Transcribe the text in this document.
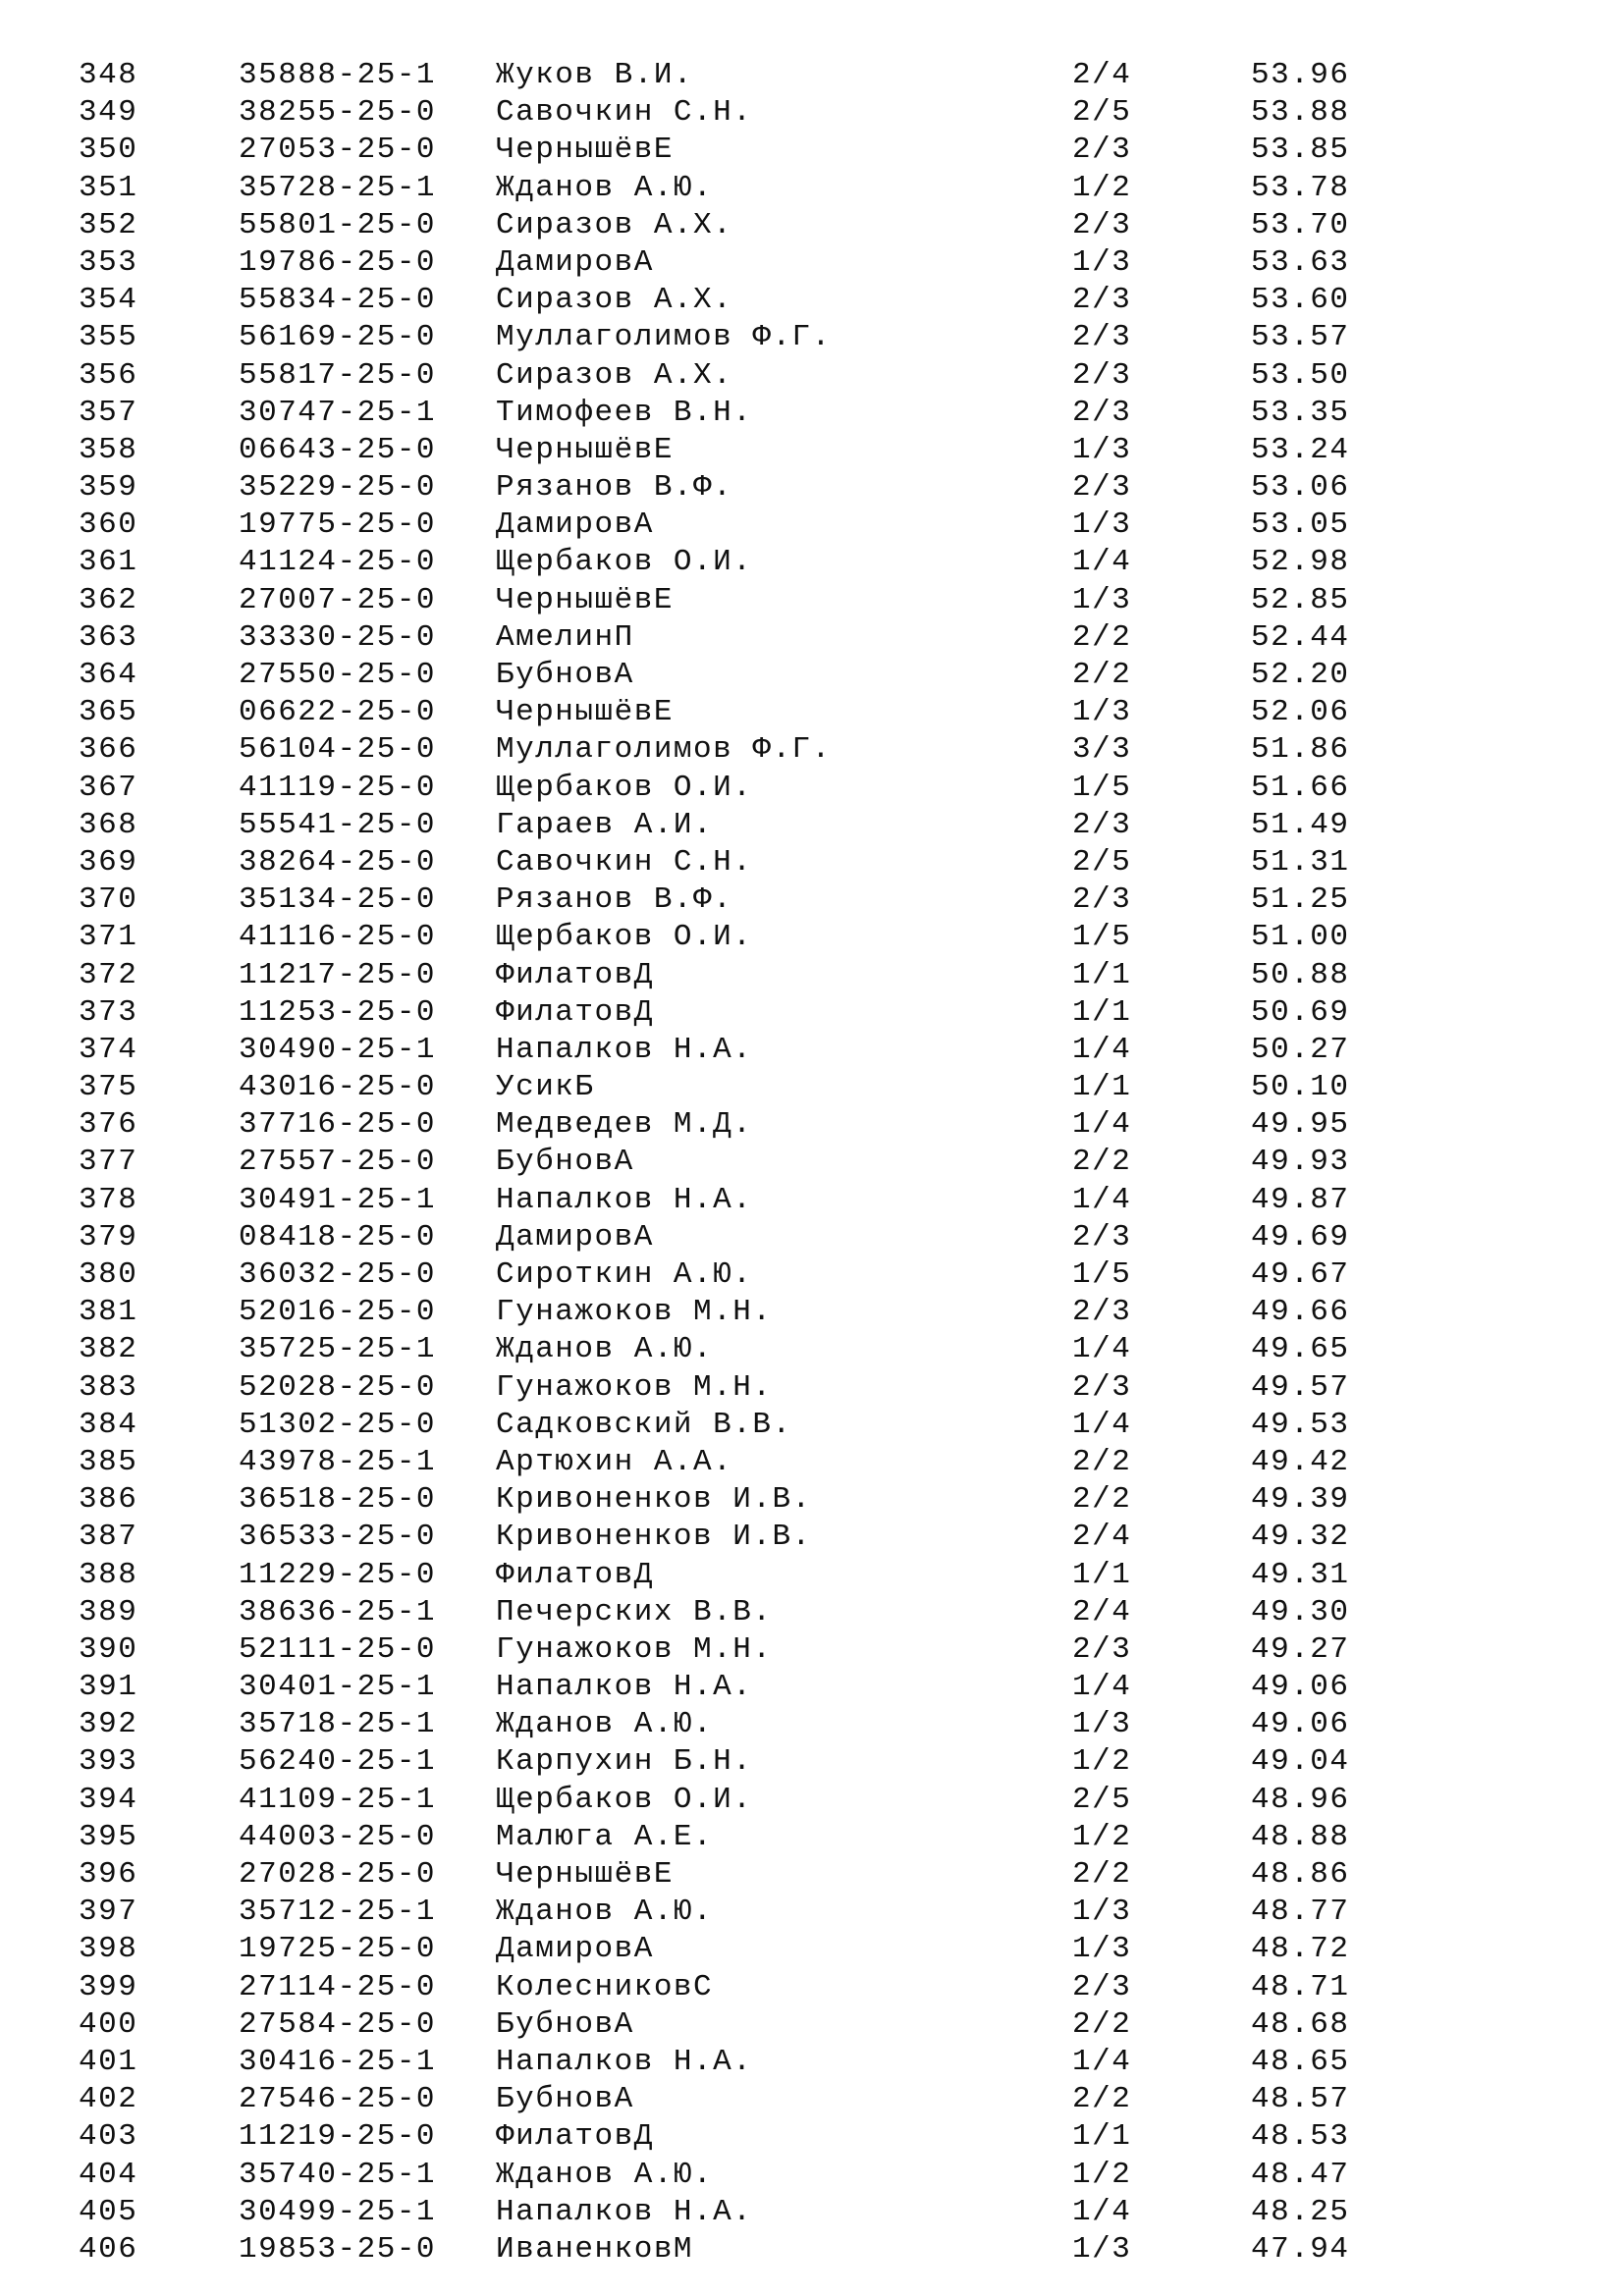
348	35888-25-1 Жуков В.И.	2/4	53.96
349	38255-25-0 Савочкин С.Н.	2/5	53.88
350	27053-25-0 ЧернышёвЕ	2/3	53.85
351	35728-25-1 Жданов А.Ю.	1/2	53.78
352	55801-25-0 Сиразов А.Х.	2/3	53.70
353	19786-25-0 ДамировА	1/3	53.63
354	55834-25-0 Сиразов А.Х.	2/3	53.60
355	56169-25-0 Муллаголимов Ф.Г.	2/3	53.57
356	55817-25-0 Сиразов А.Х.	2/3	53.50
357	30747-25-1 Тимофеев В.Н.	2/3	53.35
358	06643-25-0 ЧернышёвЕ	1/3	53.24
359	35229-25-0 Рязанов В.Ф.	2/3	53.06
360	19775-25-0 ДамировА	1/3	53.05
361	41124-25-0 Щербаков О.И.	1/4	52.98
362	27007-25-0 ЧернышёвЕ	1/3	52.85
363	33330-25-0 АмелинП	2/2	52.44
364	27550-25-0 БубновА	2/2	52.20
365	06622-25-0 ЧернышёвЕ	1/3	52.06
366	56104-25-0 Муллаголимов Ф.Г.	3/3	51.86
367	41119-25-0 Щербаков О.И.	1/5	51.66
368	55541-25-0 Гараев А.И.	2/3	51.49
369	38264-25-0 Савочкин С.Н.	2/5	51.31
370	35134-25-0 Рязанов В.Ф.	2/3	51.25
371	41116-25-0 Щербаков О.И.	1/5	51.00
372	11217-25-0 ФилатовД	1/1	50.88
373	11253-25-0 ФилатовД	1/1	50.69
374	30490-25-1 Напалков Н.А.	1/4	50.27
375	43016-25-0 УсикБ	1/1	50.10
376	37716-25-0 Медведев М.Д.	1/4	49.95
377	27557-25-0 БубновА	2/2	49.93
378	30491-25-1 Напалков Н.А.	1/4	49.87
379	08418-25-0 ДамировА	2/3	49.69
380	36032-25-0 Сироткин А.Ю.	1/5	49.67
381	52016-25-0 Гунажоков М.Н.	2/3	49.66
382	35725-25-1 Жданов А.Ю.	1/4	49.65
383	52028-25-0 Гунажоков М.Н.	2/3	49.57
384	51302-25-0 Садковский В.В.	1/4	49.53
385	43978-25-1 Артюхин А.А.	2/2	49.42
386	36518-25-0 Кривоненков И.В.	2/2	49.39
387	36533-25-0 Кривоненков И.В.	2/4	49.32
388	11229-25-0 ФилатовД	1/1	49.31
389	38636-25-1 Печерских В.В.	2/4	49.30
390	52111-25-0 Гунажоков М.Н.	2/3	49.27
391	30401-25-1 Напалков Н.А.	1/4	49.06
392	35718-25-1 Жданов А.Ю.	1/3	49.06
393	56240-25-1 Карпухин Б.Н.	1/2	49.04
394	41109-25-1 Щербаков О.И.	2/5	48.96
395	44003-25-0 Малюга А.Е.	1/2	48.88
396	27028-25-0 ЧернышёвЕ	2/2	48.86
397	35712-25-1 Жданов А.Ю.	1/3	48.77
398	19725-25-0 ДамировА	1/3	48.72
399	27114-25-0 КолесниковС	2/3	48.71
400	27584-25-0 БубновА	2/2	48.68
401	30416-25-1 Напалков Н.А.	1/4	48.65
402	27546-25-0 БубновА	2/2	48.57
403	11219-25-0 ФилатовД	1/1	48.53
404	35740-25-1 Жданов А.Ю.	1/2	48.47
405	30499-25-1 Напалков Н.А.	1/4	48.25
406	19853-25-0 ИваненковМ	1/3	47.94
